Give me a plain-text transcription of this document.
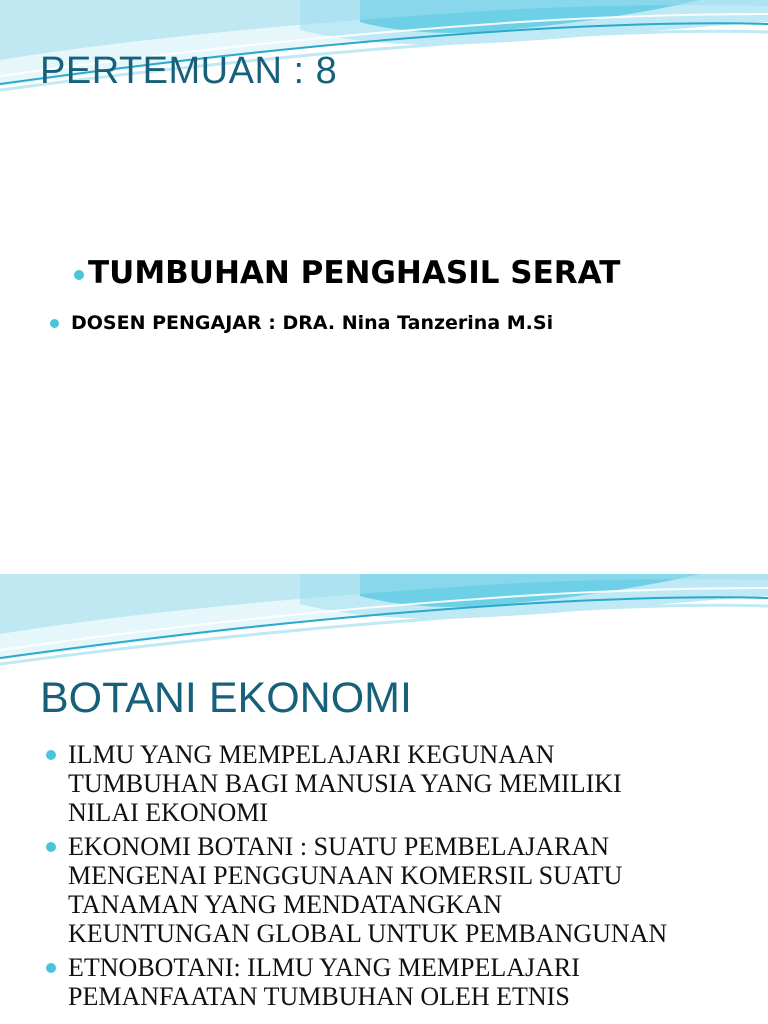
PERTEMUAN : 8
TUMBUHAN PENGHASIL SERAT
DOSEN PENGAJAR : DRA. Nina Tanzerina M.Si
BOTANI EKONOMI
ILMU YANG MEMPELAJARI KEGUNAAN
TUMBUHAN BAGI MANUSIA YANG MEMILIKI
NILAI EKONOMI
EKONOMI BOTANI : SUATU PEMBELAJARAN
MENGENAI PENGGUNAAN KOMERSIL SUATU
TANAMAN YANG MENDATANGKAN
KEUNTUNGAN GLOBAL UNTUK PEMBANGUNAN
ETNOBOTANI: ILMU YANG MEMPELAJARI
PEMANFAATAN TUMBUHAN OLEH ETNIS
